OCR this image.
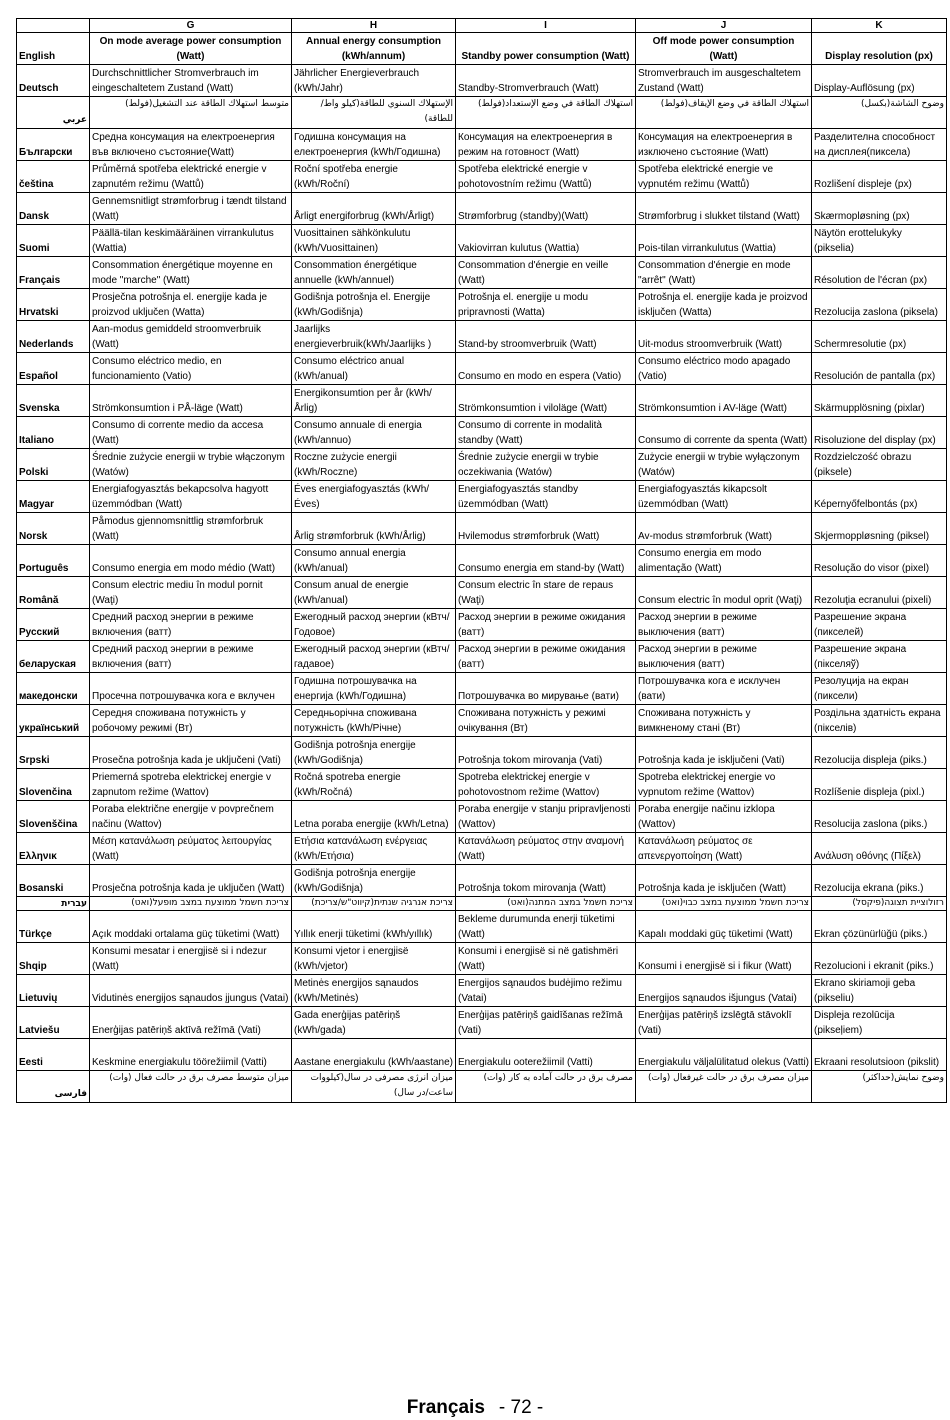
	G	H	I	J	K
English	On mode average power consumption (Watt)	Annual energy consumption (kWh/annum)	Standby power consumption (Watt)	Off mode power consumption (Watt)	Display resolution (px)
Deutsch	Durchschnittlicher Stromverbrauch im eingeschaltetem Zustand (Watt)	Jährlicher Energieverbrauch (kWh/Jahr)	Standby-Stromverbrauch (Watt)	Stromverbrauch im ausgeschaltetem Zustand (Watt)	Display-Auflösung (px)
عربي	متوسط استهلاك الطاقة عند التشغيل(فولط)	الإستهلاك السنوي للطاقة(كيلو واط/للطاقة)	استهلاك الطاقة في وضع الإستعداد(فولط)	استهلاك الطاقة في وضع الإيقاف(فولط)	وضوح الشاشة(بكسل)
Български	Средна консумация на електроенергия във включено състояние(Watt)	Годишна консумация на електроенергия (kWh/Годишна)	Консумация на електроенергия в режим на готовност (Watt)	Консумация на електроенергия в изключено състояние (Watt)	Разделителна способност на дисплея(пиксела)
čeština	Průměrná spotřeba elektrické energie v zapnutém režimu (Wattů)	Roční spotřeba energie (kWh/Roční)	Spotřeba elektrické energie v pohotovostním režimu (Wattů)	Spotřeba elektrické energie ve vypnutém režimu (Wattů)	Rozlišení displeje (px)
Dansk	Gennemsnitligt strømforbrug i tændt tilstand (Watt)	Årligt energiforbrug (kWh/Årligt)	Strømforbrug (standby)(Watt)	Strømforbrug i slukket tilstand (Watt)	Skærmopløsning (px)
Suomi	Päällä-tilan keskimääräinen virrankulutus (Wattia)	Vuosittainen sähkönkulutu (kWh/Vuosittainen)	Vakiovirran kulutus (Wattia)	Pois-tilan virrankulutus (Wattia)	Näytön erottelukyky (pikselia)
Français	Consommation énergétique moyenne en mode "marche" (Watt)	Consommation énergétique annuelle (kWh/annuel)	Consommation d'énergie en veille (Watt)	Consommation d'énergie en mode "arrêt" (Watt)	Résolution de l'écran (px)
Hrvatski	Prosječna potrošnja el. energije kada je proizvod uključen (Watta)	Godišnja potrošnja el. Energije (kWh/Godišnja)	Potrošnja el. energije u modu pripravnosti (Watta)	Potrošnja el. energije kada je proizvod isključen (Watta)	Rezolucija zaslona (piksela)
Nederlands	Aan-modus gemiddeld stroomverbruik (Watt)	Jaarlijks energieverbruik(kWh/Jaarlijks )	Stand-by stroomverbruik (Watt)	Uit-modus stroomverbruik (Watt)	Schermresolutie (px)
Español	Consumo eléctrico medio, en funcionamiento (Vatio)	Consumo eléctrico anual (kWh/anual)	Consumo en modo en espera (Vatio)	Consumo eléctrico modo apagado (Vatio)	Resolución de pantalla (px)
Svenska	Strömkonsumtion i PÅ-läge (Watt)	Energikonsumtion per år (kWh/Årlig)	Strömkonsumtion i viloläge (Watt)	Strömkonsumtion i AV-läge (Watt)	Skärmupplösning (pixlar)
Italiano	Consumo di corrente medio da accesa (Watt)	Consumo annuale di energia (kWh/annuo)	Consumo di corrente in modalità standby (Watt)	Consumo di corrente da spenta (Watt)	Risoluzione del display (px)
Polski	Średnie zużycie energii w trybie włączonym (Watów)	Roczne zużycie energii (kWh/Roczne)	Średnie zużycie energii w trybie oczekiwania (Watów)	Zużycie energii w trybie wyłączonym (Watów)	Rozdzielczość obrazu (piksele)
Magyar	Energiafogyasztás bekapcsolva hagyott üzemmódban (Watt)	Éves energiafogyasztás (kWh/Éves)	Energiafogyasztás standby üzemmódban (Watt)	Energiafogyasztás kikapcsolt üzemmódban (Watt)	Képernyőfelbontás (px)
Norsk	Påmodus gjennomsnittlig strømforbruk (Watt)	Årlig strømforbruk (kWh/Årlig)	Hvilemodus strømforbruk (Watt)	Av-modus strømforbruk (Watt)	Skjermoppløsning (piksel)
Português	Consumo energia em modo médio (Watt)	Consumo annual energia (kWh/anual)	Consumo energia em stand-by (Watt)	Consumo energia em modo alimentação (Watt)	Resolução do visor (pixel)
Română	Consum electric mediu în modul pornit (Waţi)	Consum anual de energie (kWh/anual)	Consum electric în stare de repaus (Waţi)	Consum electric în modul oprit (Waţi)	Rezoluţia ecranului (pixeli)
Русский	Средний расход энергии в режиме включения (ватт)	Ежегодный расход энергии (кВтч/Годовое)	Расход энергии в режиме ожидания (ватт)	Расход энергии в режиме выключения (ватт)	Разрешение экрана (пикселей)
беларуская	Средний расход энергии в режиме включения (ватт)	Ежегодный расход энергии (кВтч/гадавое)	Расход энергии в режиме ожидания (ватт)	Расход энергии в режиме выключения (ватт)	Разрешение экрана (пiкселяў)
македонски	Просечна потрошувачка кога е вклучен	Годишна потрошувачка на енергија (kWh/Годишна)	Потрошувачка во мирување (вати)	Потрошувачка кога е исклучен (вати)	Резолуција на екран (пиксели)
український	Середня споживана потужність у робочому режимі (Вт)	Середньорічна споживана потужність (kWh/Річне)	Споживана потужність у режимі очікування (Вт)	Споживана потужність у вимкненому стані (Вт)	Роздільна здатність екрана (пікселів)
Srpski	Prosečna potrošnja kada je uključeni (Vati)	Godišnja potrošnja energije (kWh/Godišnja)	Potrošnja tokom mirovanja (Vati)	Potrošnja kada je isključeni (Vati)	Rezolucija displeja (piks.)
Slovenčina	Priemerná spotreba elektrickej energie v zapnutom režime (Wattov)	Ročná spotreba energie (kWh/Ročná)	Spotreba elektrickej energie v pohotovostnom režime (Wattov)	Spotreba elektrickej energie vo vypnutom režime (Wattov)	Rozlíšenie displeja (pixl.)
Slovenščina	Poraba električne energije v povprečnem načinu (Wattov)	Letna poraba energije (kWh/Letna)	Poraba energije v stanju pripravljenosti (Wattov)	Poraba energije načinu izklopa (Wattov)	Resolucija zaslona (piks.)
Ελληνικ	Μέση κατανάλωση ρεύματος λειτουργίας (Watt)	Ετήσια κατανάλωση ενέργειας (kWh/Ετήσια)	Κατανάλωση ρεύματος στην αναμονή (Watt)	Κατανάλωση ρεύματος σε απενεργοποίηση (Watt)	Ανάλυση οθόνης (Πίξελ)
Bosanski	Prosječna potrošnja kada je uključen (Watt)	Godišnja potrošnja energije (kWh/Godišnja)	Potrošnja tokom mirovanja (Watt)	Potrošnja kada je isključen (Watt)	Rezolucija ekrana (piks.)
עברית	צריכת חשמל ממוצעת במצב מופעל(ואט)	צריכת אנרגיה שנתית(קיווט"ש/צריכת)	צריכת חשמל במצב המתנה(ואט)	צריכת חשמל ממוצעת במצב כבוי(ואט)	רזולוציית תצוגה(פיקסל)
Türkçe	Açık moddaki ortalama güç tüketimi (Watt)	Yıllık enerji tüketimi (kWh/yıllık)	Bekleme durumunda enerji tüketimi (Watt)	Kapalı moddaki güç tüketimi (Watt)	Ekran çözünürlüğü (piks.)
Shqip	Konsumi mesatar i energjisë si i ndezur (Watt)	Konsumi vjetor i energjisë (kWh/vjetor)	Konsumi i energjisë si në gatishmëri (Watt)	Konsumi i energjisë si i fikur (Watt)	Rezolucioni i ekranit (piks.)
Lietuvių	Vidutinės energijos sąnaudos įjungus (Vatai)	Metinės energijos sąnaudos (kWh/Metinės)	Energijos sąnaudos budėjimo režimu (Vatai)	Energijos sąnaudos išjungus (Vatai)	Ekrano skiriamoji geba (pikseliu)
Latviešu	Enerģijas patēriņš aktīvā režīmā (Vati)	Gada enerģijas patēriņš (kWh/gada)	Enerģijas patēriņš gaidīšanas režīmā (Vati)	Enerģijas patēriņš izslēgtā stāvoklī (Vati)	Displeja rezolūcija (pikseļiem)
Eesti	Keskmine energiakulu töörežiimil (Vatti)	Aastane energiakulu (kWh/aastane)	Energiakulu ooterežiimil (Vatti)	Energiakulu väljalülitatud olekus (Vatti)	Ekraani resolutsioon (pikslit)
فارسی	میزان متوسط مصرف برق در حالت فعال (وات)	میزان انرژی مصرفی در سال(کیلووات ساعت/در سال)	مصرف برق در حالت آماده به کار (وات)	میزان مصرف برق در حالت غیرفعال (وات)	وضوح نمایش(حداکثر)
Français - 72 -
